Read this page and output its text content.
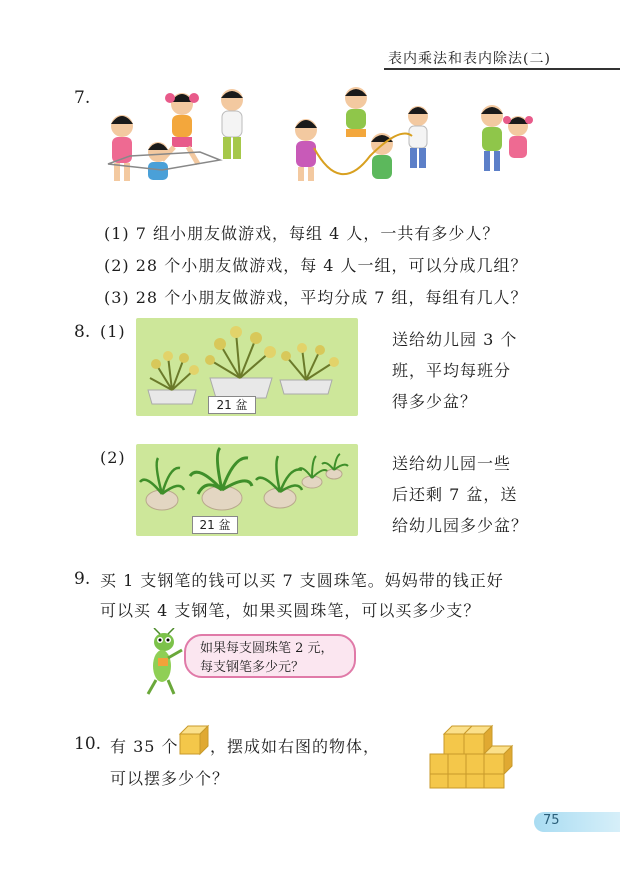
表内乘法和表内除法(二)
7.
(1) 7 组小朋友做游戏，每组 4 人，一共有多少人？
(2) 28 个小朋友做游戏，每 4 人一组，可以分成几组？
(3) 28 个小朋友做游戏，平均分成 7 组，每组有几人？
8. (1)
21 盆
送给幼儿园 3 个
班，平均每班分
得多少盆？
(2)
21 盆
送给幼儿园一些
后还剩 7 盆，送
给幼儿园多少盆？
9. 买 1 支钢笔的钱可以买 7 支圆珠笔。妈妈带的钱正好
可以买 4 支钢笔，如果买圆珠笔，可以买多少支？
如果每支圆珠笔 2 元，
每支钢笔多少元？
10. 有 35 个 ，摆成如右图的物体，
可以摆多少个？
75
